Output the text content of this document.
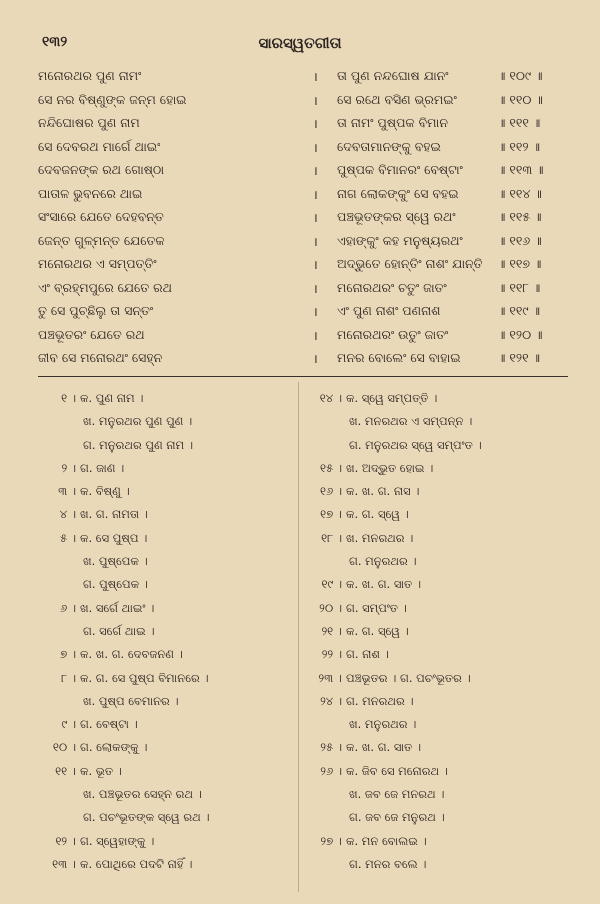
୧୩୨	ସାରସ୍ୱତଗୀତା
ମନୋରଥର ପୁଣ ନାମଂ	। ତା ପୁଣ ନନ୍ଦଘୋଷ ଯାନଂ	॥ ୧୦୯ ॥
ସେ ନର ବିଷ୍ଣୁଙ୍କ ଜନ୍ମ ହୋଇ	। ସେ ରଥେ ବସିଣ ଭ୍ରମଇଂ	॥ ୧୧୦ ॥
ନନ୍ଦିଘୋଷର ପୁଣ ନାମ	। ତା ନାମଂ ପୁଷ୍ପକ ବିମାନ	॥ ୧୧୧ ॥
ସେ ଦେବରଥ ମାର୍ଗେ ଥାଇଂ	। ଦେବତାମାନଙ୍କୁ ବହଇ	॥ ୧୧୨ ॥
ଦେବଜନଙ୍କ ରଥ ଗୋଷ୍ଠା	। ପୁଷ୍ପକ ବିମାନରଂ ବେଷ୍ଟାଂ	॥ ୧୧୩ ॥
ପାତାଳ ଭୁବନରେ ଥାଇ	। ନାଗ ଲୋକଙ୍କୁଂ ସେ ବହଇ	॥ ୧୧୪ ॥
ସଂସାରେ ଯେତେ ଦେହବନ୍ତ	। ପଞ୍ଚଭୂତଙ୍କର ସ୍ୱେ ରଥଂ	॥ ୧୧୫ ॥
ଜେନ୍ତ ଗୁଳ୍ମନ୍ତ ଯେତେକ	। ଏହାଙ୍କୁଂ କହ ମନୁଷ୍ୟରଥଂ	॥ ୧୧୬ ॥
ମନୋରଥର ଏ ସମ୍ପତ୍ତିଂ	। ଅଦ୍ଭୁତେ ହୋନ୍ତିଂ ନାଶଂ ଯାନ୍ତି ॥ ୧୧୭ ॥
ଏଂ ବ୍ରହ୍ମପୁରେ ଯେତେ ରଥ	। ମନୋରଥରଂ ଚତୁଂ ଜାତଂ	॥ ୧୧୮ ॥
ତୁ ସେ ପୁଚ୍ଛିଲୁ ତା ସନ୍ତଂ	। ଏଂ ପୁଣ ନାଶଂ ପଣନାଶ	॥ ୧୧୯ ॥
ପଞ୍ଚଭୂତରଂ ଯେତେ ରଥ	। ମନୋରଥରଂ ଉତୁଂ ଜାତଂ	॥ ୧୨୦ ॥
ଜୀବ ସେ ମନୋରଥଂ ସେହ୍ନ	। ମନର ବୋଲେଂ ସେ ବାହାଇ	॥ ୧୨୧ ॥
୧ । କ. ପୁଣ ନାମ ।
ଖ. ମନୁରଥର ପୁଣ ପୁଣ ।
ଗ. ମନୁରଥର ପୁଣ ନାମ ।
୨ । ଗ. ଜାଣ ।
୩ । କ. ବିଷ୍ଣୁ ।
୪ । ଖ. ଗ. ନାମତା ।
୫ । କ. ସେ ପୁଷ୍ପ ।
ଖ. ପୁଷ୍ପେକ ।
ଗ. ପୁଷ୍ପେକ ।
୬ । ଖ. ସର୍ଗେ ଥାଇଂ ।
ଗ. ସର୍ଗେ ଥାଇ ।
୭ । କ. ଖ. ଗ. ଦେବଜନଣ ।
୮ । କ. ଗ. ସେ ପୁଷ୍ପ ବିମାନରେ ।
ଖ. ପୁଷ୍ପ ବେମାନର ।
୯ । ଗ. ବେଷ୍ଟା ।
୧୦ । ଗ. ଲୋକଙ୍କୁ ।
୧୧ । କ. ଭୂତ ।
ଖ. ପଞ୍ଚଭୂତର ସେହ୍ନ ରଥ ।
ଗ. ପଚଂଭୂତଙ୍କ ସ୍ୱେ ରଥ ।
୧୨ । ଗ. ସ୍ୱେହାଙ୍କୁ ।
୧୩ । କ. ପୋଥିରେ ପଦଟି ନାହିଁ ।
୧୪ । କ. ସ୍ୱେ ସମ୍ପତ୍ତି ।
ଖ. ମନରଥର ଏ ସମ୍ପନ୍ନ ।
ଗ. ମନୁରଥର ସ୍ୱେ ସମ୍ପଂତ ।
୧୫ । ଖ. ଅଦ୍ଭୁତ ହୋଇ ।
୧୬ । କ. ଖ. ଗ. ନାସ ।
୧୭ । କ. ଗ. ସ୍ୱେ ।
୧୮ । ଖ. ମନରଥର ।
ଗ. ମନୁରଥର ।
୧୯ । କ. ଖ. ଗ. ସାତ ।
୨୦ । ଗ. ସମ୍ପଂତ ।
୨୧ । କ. ଗ. ସ୍ୱେ ।
୨୨ । ଗ. ନାଶ ।
୨୩ । ପଞ୍ଚଭୂତର । ଗ. ପଚଂଭୂତର ।
୨୪ । ଗ. ମନରଥର ।
ଖ. ମନୁରଥର ।
୨୫ । କ. ଖ. ଗ. ସାତ ।
୨୬ । କ. ଜିବ ସେ ମନୋରଥ ।
ଖ. ଜବ ଜେ ମନରଥ ।
ଗ. ଜବ ଜେ ମନୁରଥ ।
୨୭ । କ. ମନ ବୋଲଇ ।
ଗ. ମନର ବଲେ ।
